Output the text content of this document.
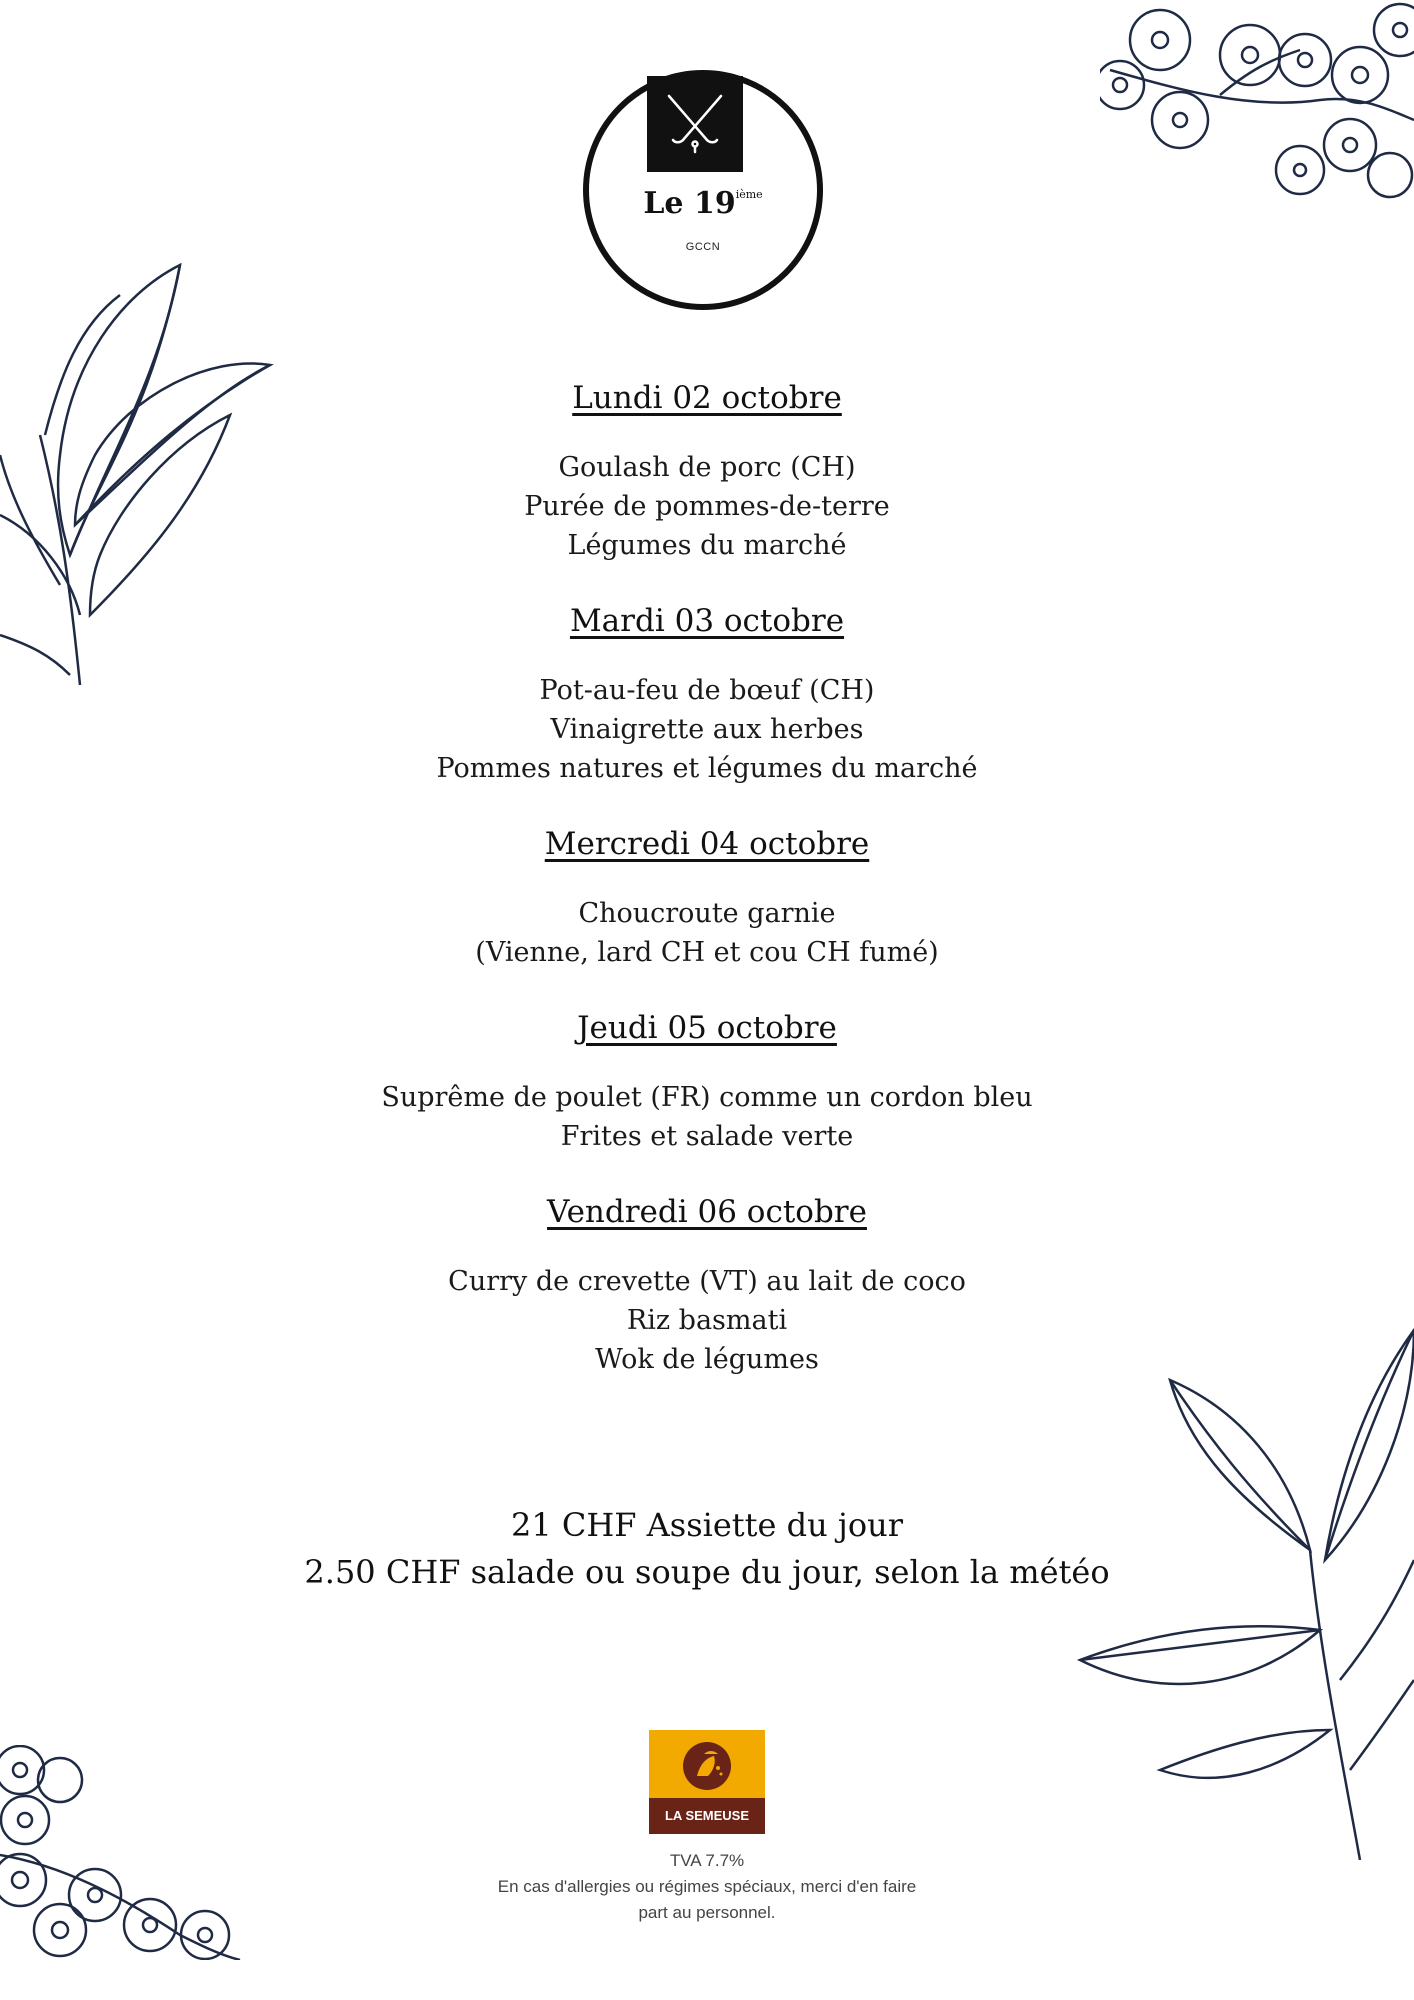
Le 19ième
GCCN
Lundi 02 octobre
Goulash de porc (CH)
Purée de pommes-de-terre
Légumes du marché
Mardi 03 octobre
Pot-au-feu de bœuf (CH)
Vinaigrette aux herbes
Pommes natures et légumes du marché
Mercredi 04 octobre
Choucroute garnie
(Vienne, lard CH et cou CH fumé)
Jeudi 05 octobre
Suprême de poulet (FR) comme un cordon bleu
Frites et salade verte
Vendredi 06 octobre
Curry de crevette (VT) au lait de coco
Riz basmati
Wok de légumes
21 CHF Assiette du jour
2.50 CHF salade ou soupe du jour, selon la météo
LA SEMEUSE
TVA 7.7%
En cas d'allergies ou régimes spéciaux, merci d'en faire
part au personnel.
